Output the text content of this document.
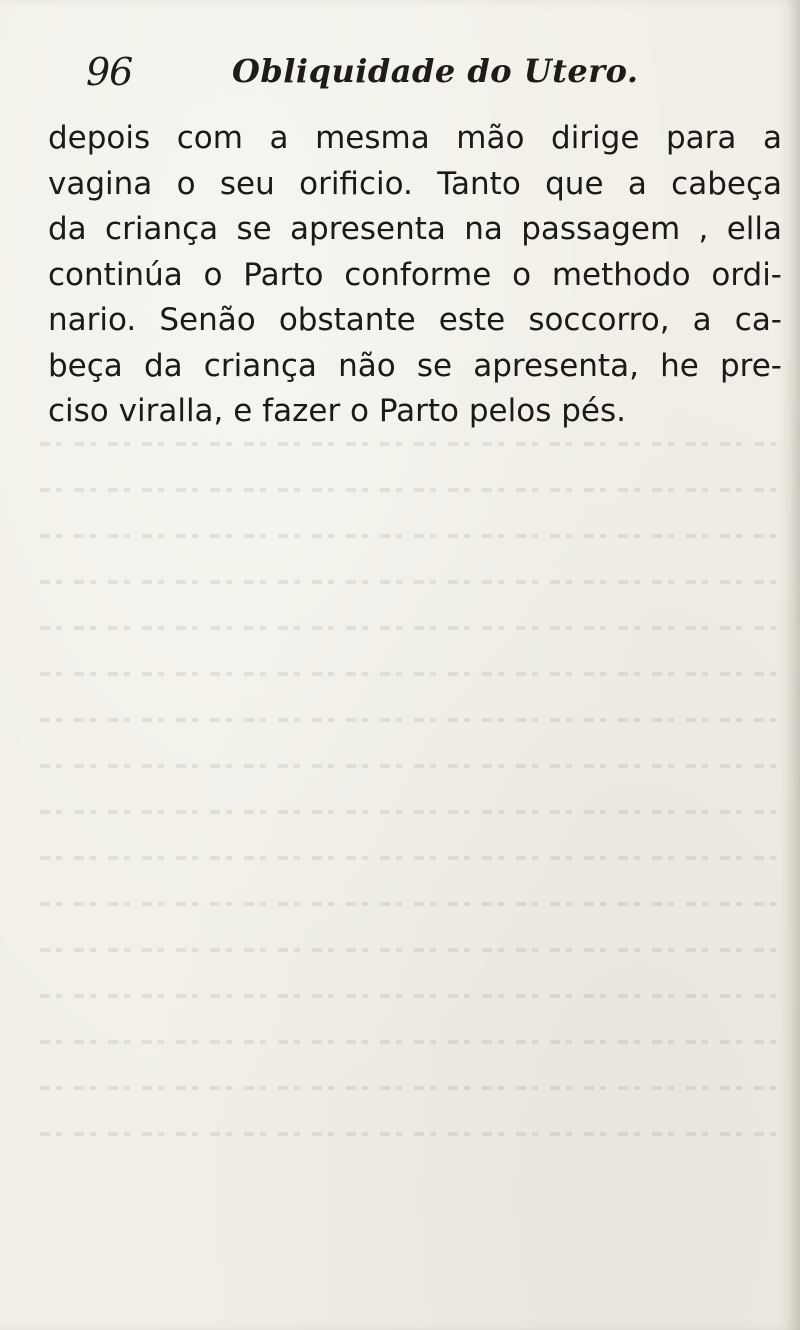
96	Obliquidade do Utero.
depois com a mesma mão dirige para a
vagina o seu orificio. Tanto que a cabeça
da criança se apresenta na passagem , ella
continúa o Parto conforme o methodo ordi-
nario. Senão obstante este soccorro, a ca-
beça da criança não se apresenta, he pre-
ciso viralla, e fazer o Parto pelos pés.
